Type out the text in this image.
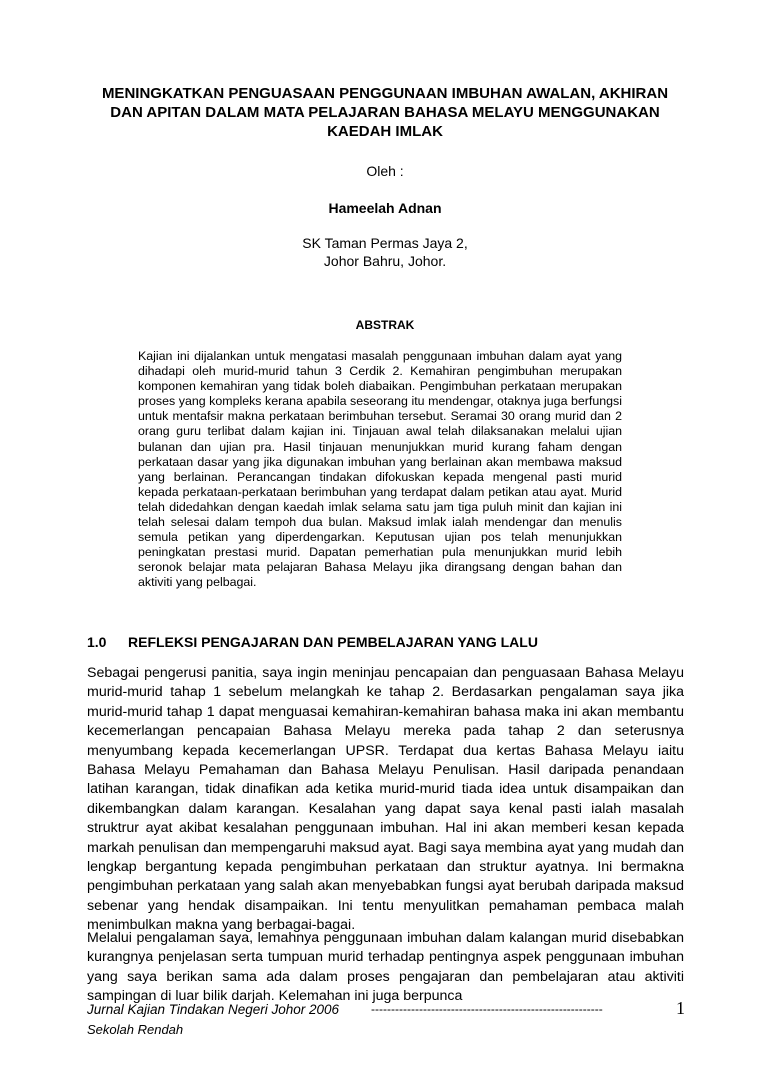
MENINGKATKAN PENGUASAAN PENGGUNAAN IMBUHAN AWALAN, AKHIRAN DAN APITAN DALAM MATA PELAJARAN BAHASA MELAYU MENGGUNAKAN KAEDAH IMLAK
Oleh :
Hameelah Adnan
SK Taman Permas Jaya 2,
Johor Bahru, Johor.
ABSTRAK
Kajian ini dijalankan untuk mengatasi masalah penggunaan imbuhan dalam ayat yang dihadapi oleh murid-murid tahun 3 Cerdik 2. Kemahiran pengimbuhan merupakan komponen kemahiran yang tidak boleh diabaikan. Pengimbuhan perkataan merupakan proses yang kompleks kerana apabila seseorang itu mendengar, otaknya juga berfungsi untuk mentafsir makna perkataan berimbuhan tersebut. Seramai 30 orang murid dan 2 orang guru terlibat dalam kajian ini. Tinjauan awal telah dilaksanakan melalui ujian bulanan dan ujian pra. Hasil tinjauan menunjukkan murid kurang faham dengan perkataan dasar yang jika digunakan imbuhan yang berlainan akan membawa maksud yang berlainan. Perancangan tindakan difokuskan kepada mengenal pasti murid kepada perkataan-perkataan berimbuhan yang terdapat dalam petikan atau ayat. Murid telah didedahkan dengan kaedah imlak selama satu jam tiga puluh minit dan kajian ini telah selesai dalam tempoh dua bulan. Maksud imlak ialah mendengar dan menulis semula petikan yang diperdengarkan. Keputusan ujian pos telah menunjukkan peningkatan prestasi murid. Dapatan pemerhatian pula menunjukkan murid lebih seronok belajar mata pelajaran Bahasa Melayu jika dirangsang dengan bahan dan aktiviti yang pelbagai.
1.0 REFLEKSI PENGAJARAN DAN PEMBELAJARAN YANG LALU
Sebagai pengerusi panitia, saya ingin meninjau pencapaian dan penguasaan Bahasa Melayu murid-murid tahap 1 sebelum melangkah ke tahap 2. Berdasarkan pengalaman saya jika murid-murid tahap 1 dapat menguasai kemahiran-kemahiran bahasa maka ini akan membantu kecemerlangan pencapaian Bahasa Melayu mereka pada tahap 2 dan seterusnya menyumbang kepada kecemerlangan UPSR. Terdapat dua kertas Bahasa Melayu iaitu Bahasa Melayu Pemahaman dan Bahasa Melayu Penulisan. Hasil daripada penandaan latihan karangan, tidak dinafikan ada ketika murid-murid tiada idea untuk disampaikan dan dikembangkan dalam karangan. Kesalahan yang dapat saya kenal pasti ialah masalah struktrur ayat akibat kesalahan penggunaan imbuhan. Hal ini akan memberi kesan kepada markah penulisan dan mempengaruhi maksud ayat. Bagi saya membina ayat yang mudah dan lengkap bergantung kepada pengimbuhan perkataan dan struktur ayatnya. Ini bermakna pengimbuhan perkataan yang salah akan menyebabkan fungsi ayat berubah daripada maksud sebenar yang hendak disampaikan. Ini tentu menyulitkan pemahaman pembaca malah menimbulkan makna yang berbagai-bagai.
Melalui pengalaman saya, lemahnya penggunaan imbuhan dalam kalangan murid disebabkan kurangnya penjelasan serta tumpuan murid terhadap pentingnya aspek penggunaan imbuhan yang saya berikan sama ada dalam proses pengajaran dan pembelajaran atau aktiviti sampingan di luar bilik darjah. Kelemahan ini juga berpunca
Jurnal Kajian Tindakan Negeri Johor 2006	----------------------------------------------------------	1
Sekolah Rendah
